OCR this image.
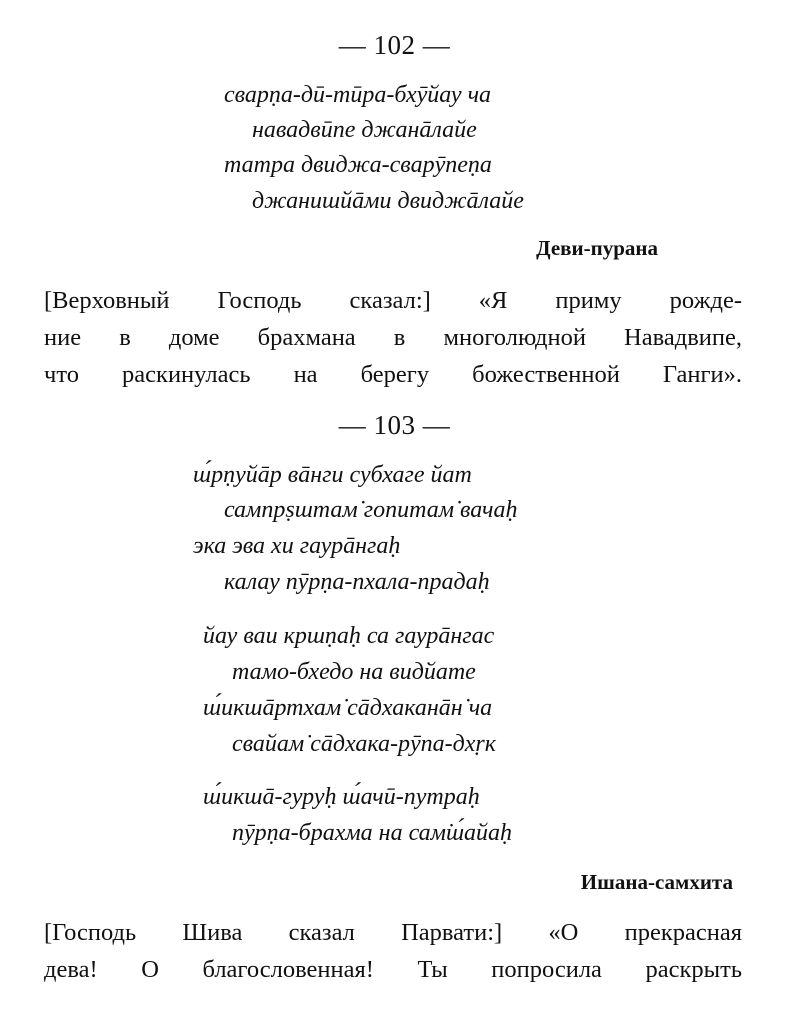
— 102 —
сварṇа-дӣ-тӣра-бхӯйау ча
навадвӣпе джанāлайе
татра двиджа-сварӯпеṇа
джанишйāми двиджāлайе
Деви-пурана
[Верховный Господь сказал:] «Я приму рожде-
ние в доме брахмана в многолюдной Навадвипе,
что раскинулась на берегу божественной Ганги».
— 103 —
ш́рṇуйāр вāнги субхаге йат
сампрṣштам̇ гопитам̇ вачаḥ
эка эва хи гаурāнгаḥ
калау пӯрṇа-пхала-прадаḥ
йау ваи кршṇаḥ са гаурāнгас
тамо-бхедо на видйате
ш́икшāртхам̇ сāдхаканāн̇ ча
свайам̇ сāдхака-рӯпа-дхṛк
ш́икшā-гуруḥ ш́ачӣ-путраḥ
пӯрṇа-брахма на сам̇ш́айаḥ
Ишана-самхита
[Господь Шива сказал Парвати:] «О прекрасная
дева! О благословенная! Ты попросила раскрыть
